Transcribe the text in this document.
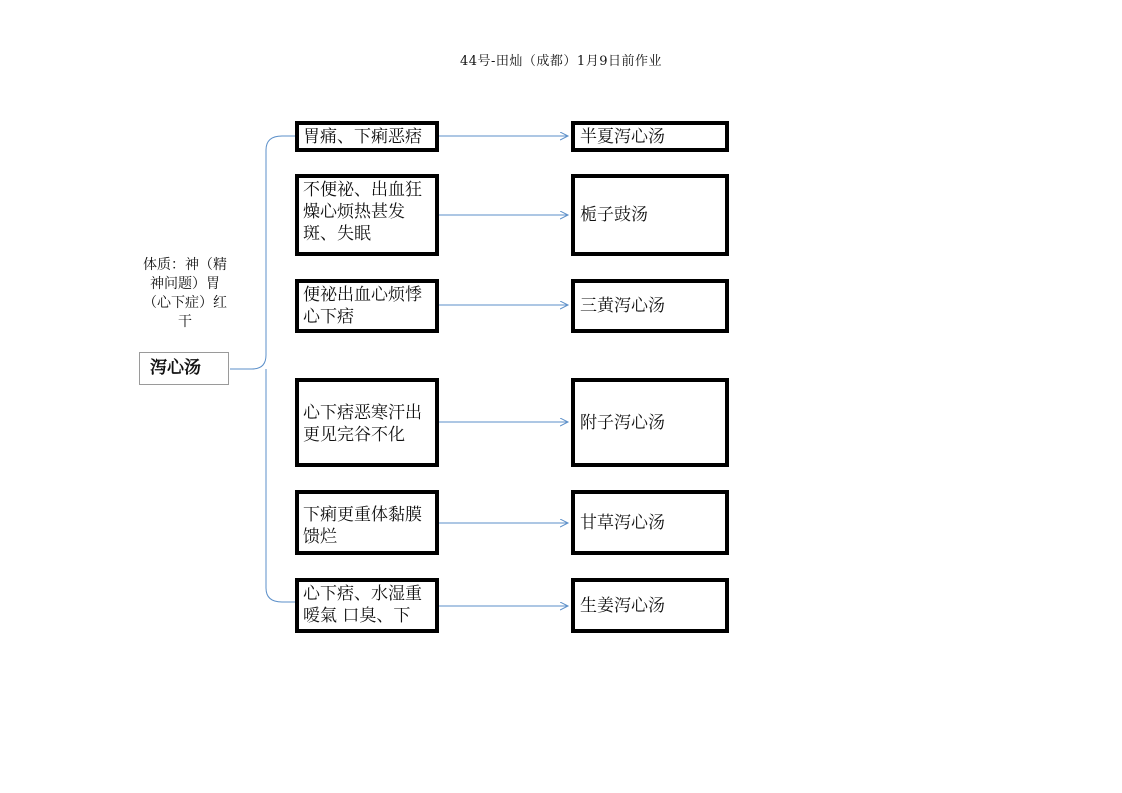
44号-田灿（成都）1月9日前作业
体质：神（精神问题）胃（心下症）红干
泻心汤
胃痛、下痢恶痞
不便祕、出血狂燥心烦热甚发斑、失眠
便祕出血心烦悸心下痞
心下痞恶寒汗出更见完谷不化
下痢更重体黏膜馈烂
心下痞、水湿重嗳氣 口臭、下
半夏泻心汤
栀子豉汤
三黄泻心汤
附子泻心汤
甘草泻心汤
生姜泻心汤
